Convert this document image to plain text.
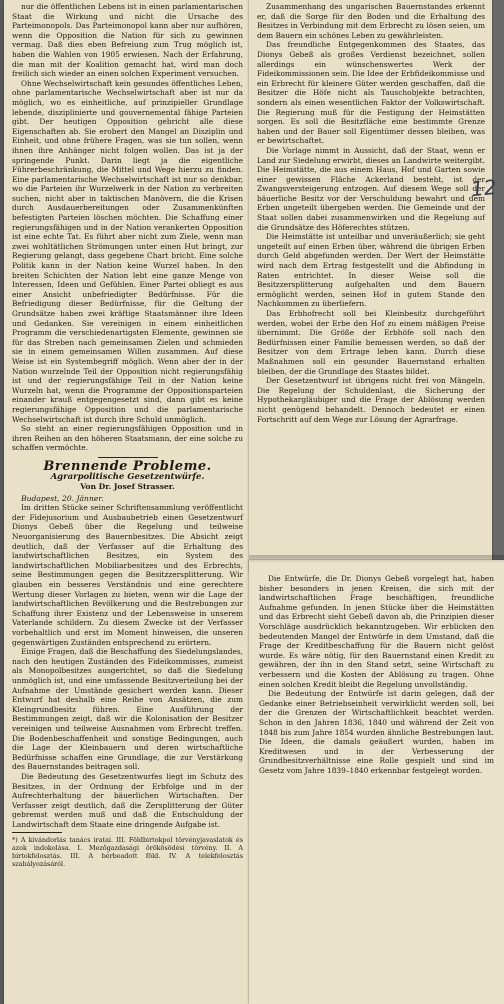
nur die öffentlichen Lebens ist in einen parlamentarischen Staat die Wirkung und nicht die Ursache des Parteimonopols. Das Parteimonopol kann aber nur aufhören, wenn die Opposition die Nation für sich zu gewinnen vermag. Daß dies eben Befreiung zum Trug möglich ist, haben die Wahlen von 1905 erwiesen. Nach der Erfahrung, die man mit der Koalition gemacht hat, wird man doch freilich sich wieder an einen solchen Experiment versuchen.

Ohne Wechselwirtschaft kein gesundes öffentliches Leben, ohne parlamentarische Wechselwirtschaft aber ist nur da möglich, wo es einheitliche, auf prinzipieller Grundlage lebende, disziplinierte und gouvernemental fähige Parteien gibt. Der heutigen Opposition gebricht alle diese Eigenschaften ab. Sie erobert den Mangel an Disziplin und Einheit, und ohne frühere Fragen, was sie tun sollen, wenn ihnen ihre Anhänger nicht folgen wollen. Das ist ja der springende Punkt. Darin liegt ja die eigentliche Führerbeschränkung, die Mittel und Wege hierzu zu finden. Eine parlamentarische Wechselwirtschaft ist nur so denkbar, wo die Parteien ihr Wurzelwerk in der Nation zu verbreiten suchen, nicht aber in taktischen Manövern, die die Krisen durch Ausdauerbereitungen oder Zusammenkünften befestigten Parteien löschen möchten. Die Schaffung einer regierungsfähigen und in der Nation verankerten Opposition ist eine echte Tat. Es führt aber nicht zum Ziele, wenn man zwei wohltätlichen Strömungen unter einen Hut bringt, zur Regierung gelangt, dass gegebene Chart bricht. Eine solche Politik kann in der Nation keine Wurzel haben. In den breiten Schichten der Nation lebt eine ganze Menge von Interessen, Ideen und Gefühlen. Einer Partei obliegt es aus einer Ansicht unbefriedigter Bedürfnisse. Für die Befriedigung dieser Bedürfnisse, für die Geltung der Grundsätze haben zwei kräftige Staatsmänner ihre Ideen und Gedanken. Sie vereinigen in einem einheitlichen Programm die verschiedenartigsten Elemente, gewinnen sie für das Streben nach gemeinsamen Zielen und schmieden sie in einem gemeinsamen Willen zusammen. Auf diese Weise ist ein Systembegriff möglich. Wenn aber der in der Nation wurzelnde Teil der Opposition nicht regierungsfähig ist und der regierungsfähige Teil in der Nation keine Wurzeln hat, wenn die Programme der Oppositionsparteien einander krauß entgegengesetzt sind, dann gibt es keine regierungsfähige Opposition und die parlamentarische Wechselwirtschaft ist durch ihre Schuld unmöglich.

So steht an einer regierungsfähigen Opposition und in ihren Reihen an den höheren Staatsmann, der eine solche zu schaffen vermöchte.

Brennende Probleme.
Agrarpolitische Gesetzentwürfe.
Von Dr. Josef Strasser.

Budapest, 20. Jänner.

Im dritten Stücke seiner Schriftensammlung veröffentlicht der Fidejusorium und Ausbaubetrieb einen Gesetzentwurf Dionys Gebeß über die Regelung und teilweise Neuorganisierung des Bauernbesitzes. Die Absicht zeigt deutlich, daß der Verfasser auf die Erhaltung des landwirtschaftlichen Besitzes, ein System des landwirtschaftlichen Mobiliarbesitzes und des Erbrechts, seine Bestimmungen gegen die Besitzzersplitterung. Wir glauben ein besseres Verständnis und eine gerechtere Wertung dieser Vorlagen zu bieten, wenn wir die Lage der landwirtschaftlichen Bevölkerung und die Bestrebungen zur Schaffung ihrer Existenz und der Lebensweise in unserem Vaterlande schildern. Zu diesem Zwecke ist der Verfasser vorbehaltlich und erst im Moment hinweisen, die unseren gegenwärtigen Zuständen entsprechend zu erörtern.

Einige Fragen, daß die Beschaffung des Siedelungslandes, nach den heutigen Zuständen des Fideikommisses, zumeist als Monopolbesitzes ausgerichtet, so daß die Siedelung unmöglich ist, und eine umfassende Besitzverteilung bei der Aufnahme der Umstände gesichert werden kann. Dieser Entwurf hat deshalb eine Reihe von Ansätzen, die zum Kleingrundbesitz führen. Eine Ausführung der Bestimmungen zeigt, daß wir die Kolonisation der Besitzer vereinigen und teilweise Ausnahmen vom Erbrecht treffen. Die Bodenbeschaffenheit und sonstige Bedingungen, auch die Lage der Kleinbauern und deren wirtschaftliche Bedürfnisse schaffen eine Grundlage, die zur Verstärkung des Bauernstandes beitragen soll.

Die Bedeutung des Gesetzentwurfes liegt im Schutz des Besitzes, in der Ordnung der Erbfolge und in der Aufrechterhaltung der bäuerlichen Wirtschaften. Der Verfasser zeigt deutlich, daß die Zersplitterung der Güter gebremst werden muß und daß die Entschuldung der Landwirtschaft dem Staate eine dringende Aufgabe ist.

*) A kivándorlás tanács iratai. III. Földbirtokpol törvényjavaslatok és azok indokolása. I. Mezőgazdasági örökösödési törvény. II. A birtokfelosztás. III. A bérbeadott föld. IV. A telekfelosztás szabályozásáról.

Zusammenhang des ungarischen Bauernstandes erkennt er, daß die Sorge für den Boden und die Erhaltung des Besitzes in Verbindung mit dem Erbrecht zu lösen seien, um dem Bauern ein schönes Leben zu gewährleisten.

Das freundliche Entgegenkommen des Staates, das Dionys Gebeß als großes Verdienst bezeichnet, sollen allerdings ein wünschenswertes Werk der Fideikommissionen sein. Die Idee der Erbfideikommisse und ein Erbrecht für kleinere Güter werden geschaffen, daß die Besitzer die Höfe nicht als Tauschobjekte betrachten, sondern als einen wesentlichen Faktor der Volkswirtschaft. Die Regierung muß für die Festigung der Heimstätten sorgen. Es soll die Besitzfläche eine bestimmte Grenze haben und der Bauer soll Eigentümer dessen bleiben, was er bewirtschaftet.

Die Vorlage nimmt in Aussicht, daß der Staat, wenn er Land zur Siedelung erwirbt, dieses an Landwirte weitergibt. Die Heimstätte, die aus einem Haus, Hof und Garten sowie einer gewissen Fläche Ackerland besteht, ist der Zwangsversteigerung entzogen. Auf diesem Wege soll der bäuerliche Besitz vor der Verschuldung bewahrt und dem Erben ungeteilt übergeben werden. Die Gemeinde und der Staat sollen dabei zusammenwirken und die Regelung auf die Grundsätze des Höferechtes stützen.

Die Heimstätte ist unteilbar und unveräußerlich; sie geht ungeteilt auf einen Erben über, während die übrigen Erben durch Geld abgefunden werden. Der Wert der Heimstätte wird nach dem Ertrag festgestellt und die Abfindung in Raten entrichtet. In dieser Weise soll die Besitzzersplitterung aufgehalten und dem Bauern ermöglicht werden, seinen Hof in gutem Stande den Nachkommen zu überliefern.

Das Erbhofrecht soll bei Kleinbesitz durchgeführt werden, wobei der Erbe den Hof zu einem mäßigen Preise übernimmt. Die Größe der Erbhöfe soll nach den Bedürfnissen einer Familie bemessen werden, so daß der Besitzer von dem Ertrage leben kann. Durch diese Maßnahmen soll ein gesunder Bauernstand erhalten bleiben, der die Grundlage des Staates bildet.

Der Gesetzentwurf ist übrigens nicht frei von Mängeln. Die Regelung der Schuldenlast, die Sicherung der Hypothekargläubiger und die Frage der Ablösung werden nicht genügend behandelt. Dennoch bedeutet er einen Fortschritt auf dem Wege zur Lösung der Agrarfrage.

12

Die Entwürfe, die Dr. Dionys Gebeß vorgelegt hat, haben bisher besonders in jenen Kreisen, die sich mit der landwirtschaftlichen Frage beschäftigen, freundliche Aufnahme gefunden. In jenen Stücke über die Heimstätten und das Erbrecht sieht Gebeß davon ab, die Prinzipien dieser Vorschläge ausdrücklich bekanntzugeben. Wir erblicken den bedeutenden Mangel der Entwürfe in dem Umstand, daß die Frage der Kreditbeschaffung für die Bauern nicht gelöst wurde. Es wäre nötig, für den Bauernstand einen Kredit zu gewähren, der ihn in den Stand setzt, seine Wirtschaft zu verbessern und die Kosten der Ablösung zu tragen. Ohne einen solchen Kredit bleibt die Regelung unvollständig.

Die Bedeutung der Entwürfe ist darin gelegen, daß der Gedanke einer Betriebseinheit verwirklicht werden soll, bei der die Grenzen der Wirtschaftlichkeit beachtet werden. Schon in den Jahren 1836, 1840 und während der Zeit von 1848 bis zum Jahre 1854 wurden ähnliche Bestrebungen laut. Die Ideen, die damals geäußert wurden, haben im Kreditwesen und in der Verbesserung der Grundbesitzverhältnisse eine Rolle gespielt und sind im Gesetz vom Jahre 1839–1840 erkennbar festgelegt worden.
